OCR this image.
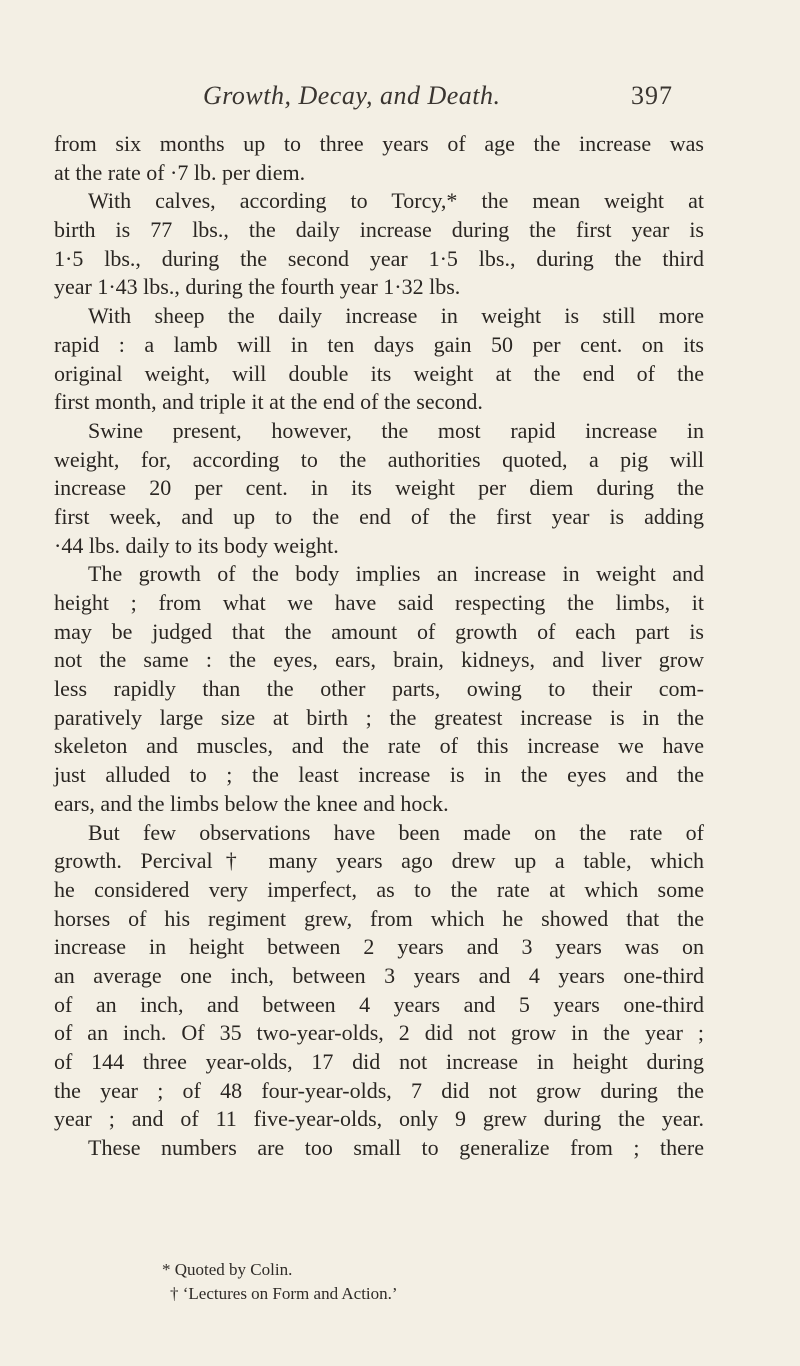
Growth, Decay, and Death.	397
from six months up to three years of age the increase was
at the rate of ·7 lb. per diem.
With calves, according to Torcy,* the mean weight at
birth is 77 lbs., the daily increase during the first year is
1·5 lbs., during the second year 1·5 lbs., during the third
year 1·43 lbs., during the fourth year 1·32 lbs.
With sheep the daily increase in weight is still more
rapid : a lamb will in ten days gain 50 per cent. on its
original weight, will double its weight at the end of the
first month, and triple it at the end of the second.
Swine present, however, the most rapid increase in
weight, for, according to the authorities quoted, a pig will
increase 20 per cent. in its weight per diem during the
first week, and up to the end of the first year is adding
·44 lbs. daily to its body weight.
The growth of the body implies an increase in weight and
height ; from what we have said respecting the limbs, it
may be judged that the amount of growth of each part is
not the same : the eyes, ears, brain, kidneys, and liver grow
less rapidly than the other parts, owing to their com-
paratively large size at birth ; the greatest increase is in the
skeleton and muscles, and the rate of this increase we have
just alluded to ; the least increase is in the eyes and the
ears, and the limbs below the knee and hock.
But few observations have been made on the rate of
growth. Percival† many years ago drew up a table, which
he considered very imperfect, as to the rate at which some
horses of his regiment grew, from which he showed that the
increase in height between 2 years and 3 years was on
an average one inch, between 3 years and 4 years one-third
of an inch, and between 4 years and 5 years one-third
of an inch. Of 35 two-year-olds, 2 did not grow in the year ;
of 144 three year-olds, 17 did not increase in height during
the year ; of 48 four-year-olds, 7 did not grow during the
year ; and of 11 five-year-olds, only 9 grew during the year.
These numbers are too small to generalize from ; there
* Quoted by Colin.
† ‘Lectures on Form and Action.’
